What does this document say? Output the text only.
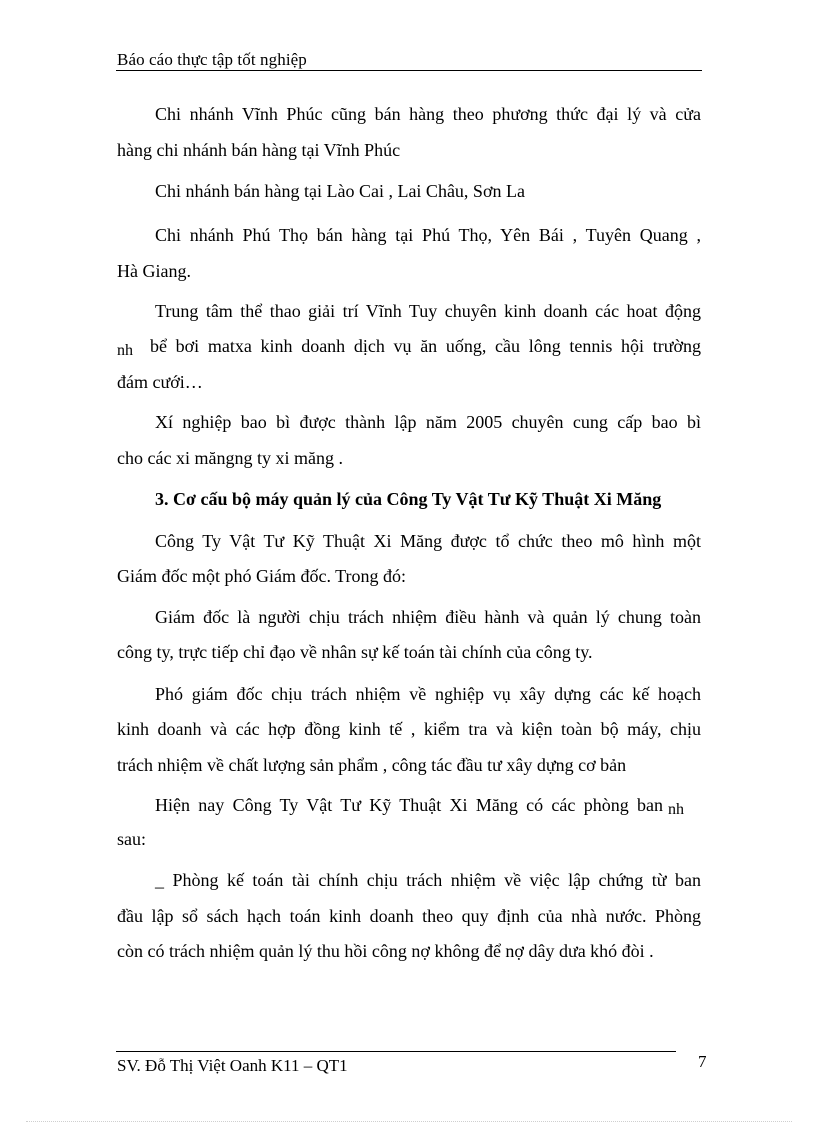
Báo cáo thực tập tốt nghiệp
Chi nhánh Vĩnh Phúc cũng bán hàng theo phương thức đại lý và cửa
hàng chi nhánh bán hàng tại Vĩnh Phúc
Chi nhánh bán hàng tại Lào Cai , Lai Châu, Sơn La
Chi nhánh Phú Thọ bán hàng tại Phú Thọ, Yên Bái , Tuyên Quang ,
Hà Giang.
Trung tâm thể thao giải trí Vĩnh Tuy chuyên kinh doanh các hoat động
nh bể bơi matxa kinh doanh dịch vụ ăn uống, cầu lông tennis hội trường
đám cưới…
Xí nghiệp bao bì được thành lập năm 2005 chuyên cung cấp bao bì
cho các xi măngng ty xi măng .
3. Cơ cấu bộ máy quản lý của Công Ty Vật Tư Kỹ Thuật Xi Măng
Công Ty Vật Tư Kỹ Thuật Xi Măng được tổ chức theo mô hình một
Giám đốc một phó Giám đốc. Trong đó:
Giám đốc là người chịu trách nhiệm điều hành và quản lý chung toàn
công ty, trực tiếp chỉ đạo về nhân sự kế toán tài chính của công ty.
Phó giám đốc chịu trách nhiệm về nghiệp vụ xây dựng các kế hoạch
kinh doanh và các hợp đồng kinh tế , kiểm tra và kiện toàn bộ máy, chịu
trách nhiệm về chất lượng sản phẩm , công tác đầu tư xây dựng cơ bản
Hiện nay Công Ty Vật Tư Kỹ Thuật Xi Măng có các phòng ban nh
sau:
_ Phòng kế toán tài chính chịu trách nhiệm về việc lập chứng từ ban
đầu lập sổ sách hạch toán kinh doanh theo quy định của nhà nước. Phòng
còn có trách nhiệm quản lý thu hồi công nợ không để nợ dây dưa khó đòi .
SV. Đỗ Thị Việt Oanh K11 – QT1	7
